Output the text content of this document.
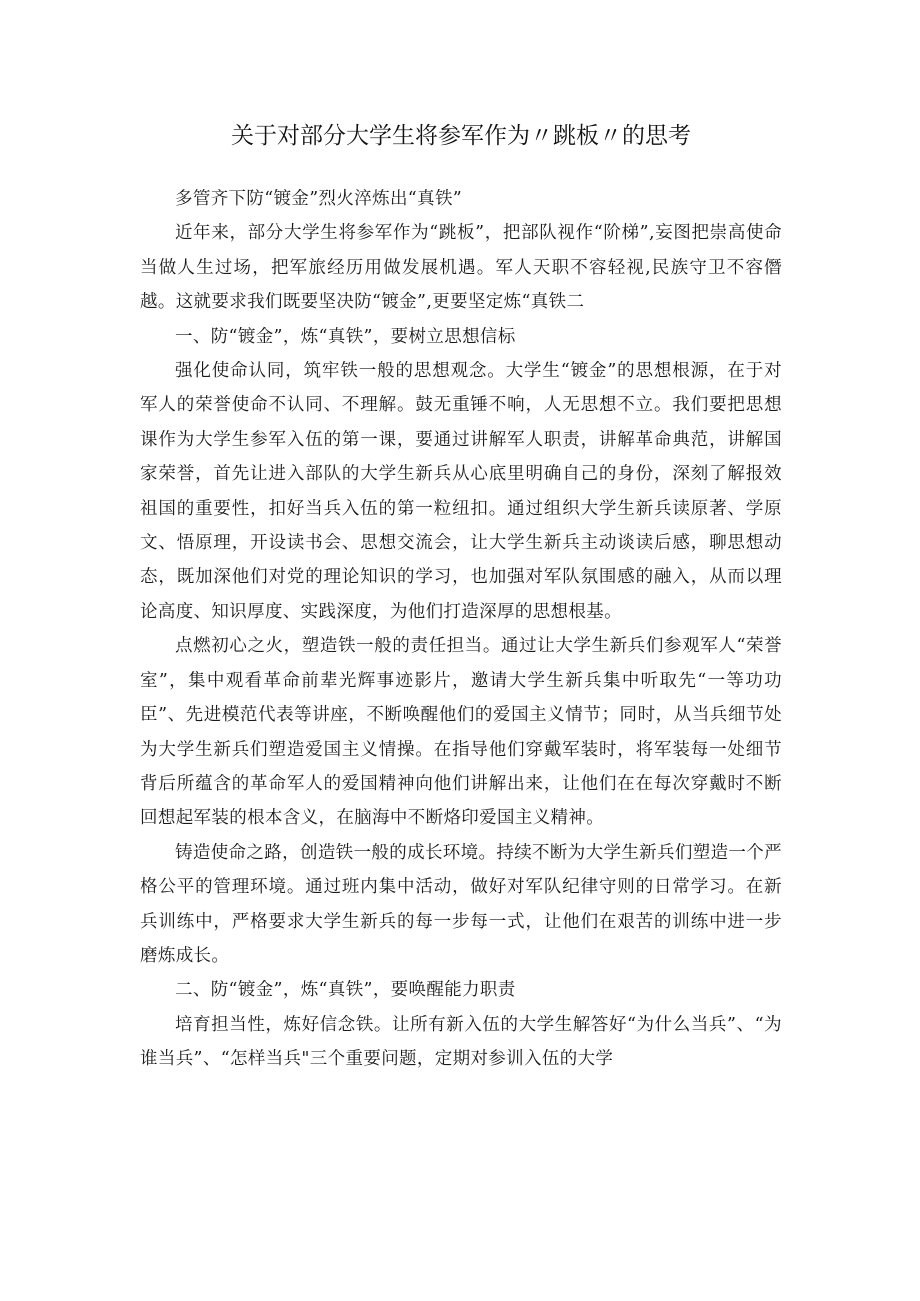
关于对部分大学生将参军作为〃跳板〃的思考

多管齐下防“镀金”烈火淬炼出“真铁”

近年来，部分大学生将参军作为“跳板”，把部队视作“阶梯”,妄图把崇高使命当做人生过场，把军旅经历用做发展机遇。军人天职不容轻视,民族守卫不容僭越。这就要求我们既要坚决防“镀金”,更要坚定炼“真铁二

一、防“镀金”，炼“真铁”，要树立思想信标

强化使命认同，筑牢铁一般的思想观念。大学生“镀金”的思想根源，在于对军人的荣誉使命不认同、不理解。鼓无重锤不响，人无思想不立。我们要把思想课作为大学生参军入伍的第一课，要通过讲解军人职责，讲解革命典范，讲解国家荣誉，首先让进入部队的大学生新兵从心底里明确自己的身份，深刻了解报效祖国的重要性，扣好当兵入伍的第一粒纽扣。通过组织大学生新兵读原著、学原文、悟原理，开设读书会、思想交流会，让大学生新兵主动谈读后感，聊思想动态，既加深他们对党的理论知识的学习，也加强对军队氛围感的融入，从而以理论高度、知识厚度、实践深度，为他们打造深厚的思想根基。

点燃初心之火，塑造铁一般的责任担当。通过让大学生新兵们参观军人“荣誉室”，集中观看革命前辈光辉事迹影片，邀请大学生新兵集中听取先“一等功功臣”、先进模范代表等讲座，不断唤醒他们的爱国主义情节；同时，从当兵细节处为大学生新兵们塑造爱国主义情操。在指导他们穿戴军装时，将军装每一处细节背后所蕴含的革命军人的爱国精神向他们讲解出来，让他们在在每次穿戴时不断回想起军装的根本含义，在脑海中不断烙印爱国主义精神。

铸造使命之路，创造铁一般的成长环境。持续不断为大学生新兵们塑造一个严格公平的管理环境。通过班内集中活动，做好对军队纪律守则的日常学习。在新兵训练中，严格要求大学生新兵的每一步每一式，让他们在艰苦的训练中进一步磨炼成长。

二、防“镀金”，炼“真铁”，要唤醒能力职责

培育担当性，炼好信念铁。让所有新入伍的大学生解答好“为什么当兵”、“为谁当兵”、“怎样当兵"三个重要问题，定期对参训入伍的大学
